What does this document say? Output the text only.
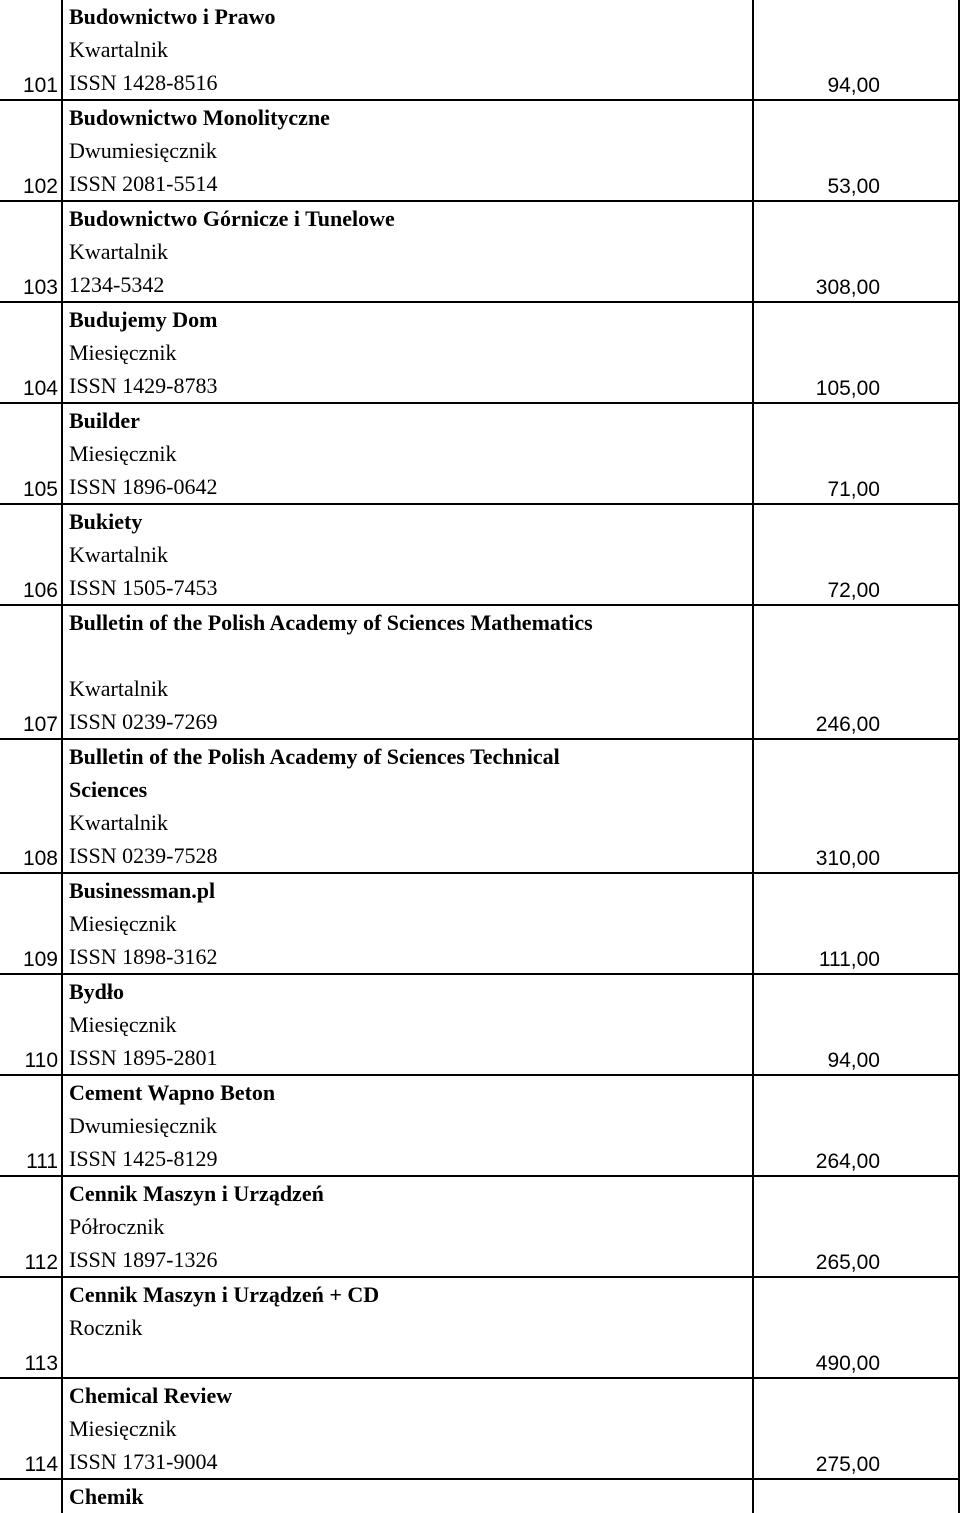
101	Budownictwo i Prawo
Kwartalnik
ISSN 1428-8516	94,00
102	Budownictwo Monolityczne
Dwumiesięcznik
ISSN 2081-5514	53,00
103	Budownictwo Górnicze i Tunelowe
Kwartalnik
1234-5342	308,00
104	Budujemy Dom
Miesięcznik
ISSN 1429-8783	105,00
105	Builder
Miesięcznik
ISSN 1896-0642	71,00
106	Bukiety
Kwartalnik
ISSN 1505-7453	72,00
107	Bulletin of the Polish Academy of Sciences Mathematics
Kwartalnik
ISSN 0239-7269	246,00
108	Bulletin of the Polish Academy of Sciences Technical
Sciences
Kwartalnik
ISSN 0239-7528	310,00
109	Businessman.pl
Miesięcznik
ISSN 1898-3162	111,00
110	Bydło
Miesięcznik
ISSN 1895-2801	94,00
111	Cement Wapno Beton
Dwumiesięcznik
ISSN 1425-8129	264,00
112	Cennik Maszyn i Urządzeń
Półrocznik
ISSN 1897-1326	265,00
113	Cennik Maszyn i Urządzeń + CD
Rocznik	490,00
114	Chemical Review
Miesięcznik
ISSN 1731-9004	275,00

	Chemik	
